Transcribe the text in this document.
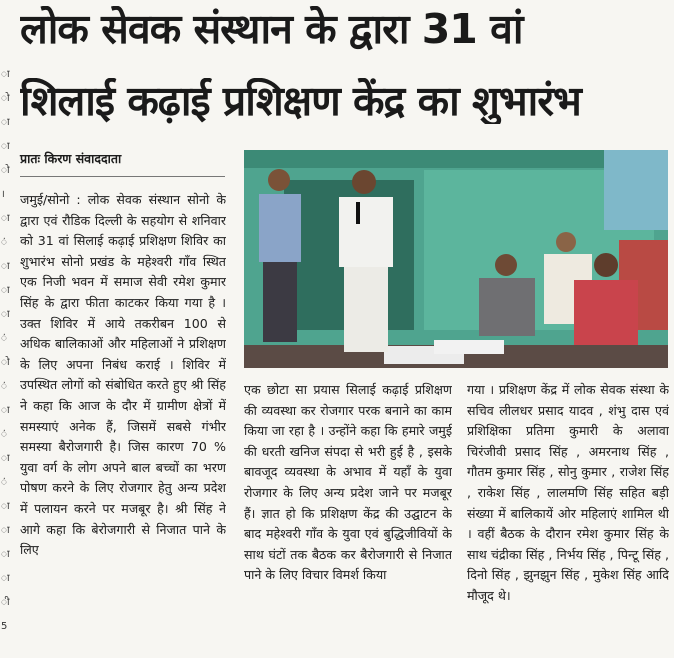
ा
ो
ा
ा
ो
।
ा
ं
ा
ा
ा
ं
ो
ं
ा
ं
ा
ं
ा
ा
ा
ा
ी
5
लोक सेवक संस्थान के द्वारा 31 वां
शिलाई कढ़ाई प्रशिक्षण केंद्र का शुभारंभ
प्रातः किरण संवाददाता
जमुई/सोनो : लोक सेवक संस्थान सोनो के द्वारा एवं रौडिक दिल्ली के सहयोग से शनिवार को 31 वां सिलाई कढ़ाई प्रशिक्षण शिविर का शुभारंभ सोनो प्रखंड के महेश्वरी गाँव स्थित एक निजी भवन में समाज सेवी रमेश कुमार सिंह के द्वारा फीता काटकर किया गया है । उक्त शिविर में आये तकरीबन 100 से अधिक बालिकाओं और महिलाओं ने प्रशिक्षण के लिए अपना निबंध कराई । शिविर में उपस्थित लोगों को संबोधित करते हुए श्री सिंह ने कहा कि आज के दौर में ग्रामीण क्षेत्रों में समस्याएं अनेक हैं, जिसमें सबसे गंभीर समस्या बैरोजगारी है। जिस कारण 70 % युवा वर्ग के लोग अपने बाल बच्चों का भरण पोषण करने के लिए रोजगार हेतु अन्य प्रदेश में पलायन करने पर मजबूर है। श्री सिंह ने आगे कहा कि बेरोजगारी से निजात पाने के लिए
एक छोटा सा प्रयास सिलाई कढ़ाई प्रशिक्षण की व्यवस्था कर रोजगार परक बनाने का काम किया जा रहा है । उन्होंने कहा कि हमारे जमुई की धरती खनिज संपदा से भरी हुई है , इसके बावजूद व्यवस्था के अभाव में यहाँ के युवा रोजगार के लिए अन्य प्रदेश जाने पर मजबूर हैं। ज्ञात हो कि प्रशिक्षण केंद्र की उद्घाटन के बाद महेश्वरी गाँव के युवा एवं बुद्धिजीवियों के साथ घंटों तक बैठक कर बैरोजगारी से निजात पाने के लिए विचार विमर्श किया
गया । प्रशिक्षण केंद्र में लोक सेवक संस्था के सचिव लीलधर प्रसाद यादव , शंभु दास एवं प्रशिक्षिका प्रतिमा कुमारी के अलावा चिरंजीवी प्रसाद सिंह , अमरनाथ सिंह , गौतम कुमार सिंह , सोनु कुमार , राजेश सिंह , राकेश सिंह , लालमणि सिंह सहित बड़ी संख्या में बालिकायें ओर महिलाएं शामिल थी । वहीं बैठक के दौरान रमेश कुमार सिंह के साथ चंद्रीका सिंह , निर्भय सिंह , पिन्टू सिंह , दिनो सिंह , झुनझुन सिंह , मुकेश सिंह आदि मौजूद थे।
